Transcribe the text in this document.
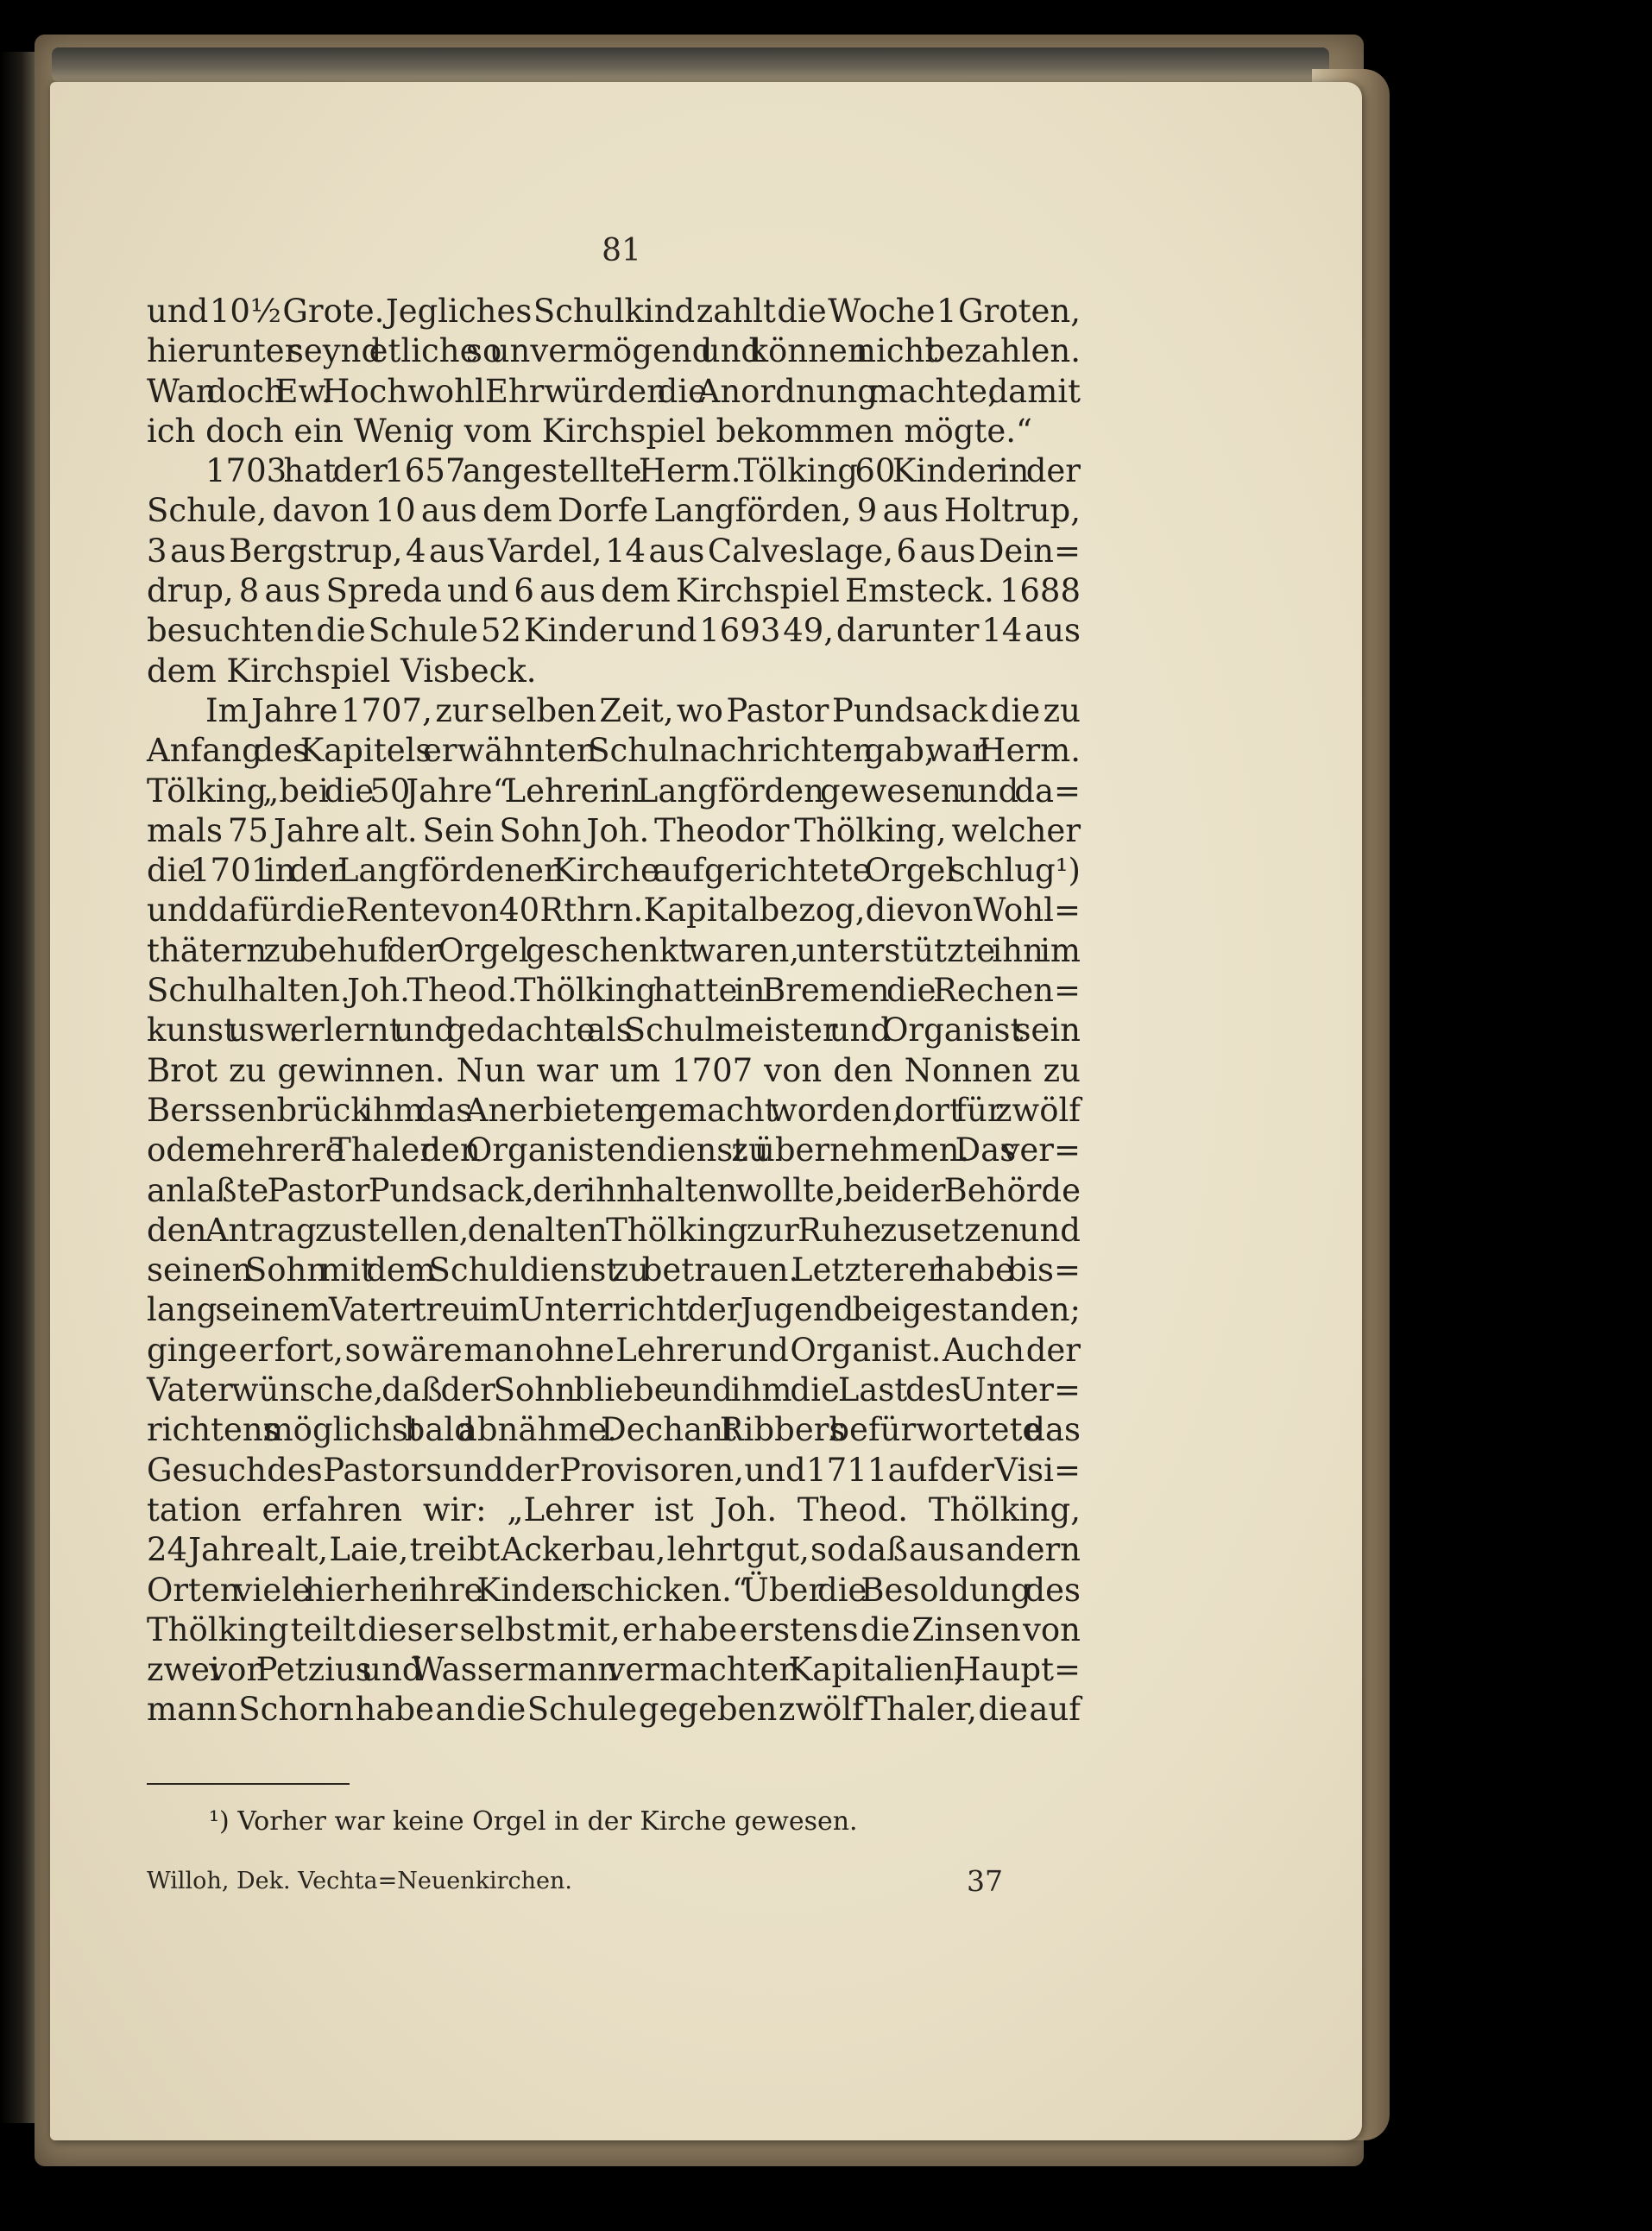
81
und 10½ Grote. Jegliches Schulkind zahlt die Woche 1 Groten,
hierunter seynd etliche so unvermögend und können nicht bezahlen.
Wan doch Ew. HochwohlEhrwürden die Anordnung machte, damit
ich doch ein Wenig vom Kirchspiel bekommen mögte.“
1703 hat der 1657 angestellte Herm. Tölking 60 Kinder in der
Schule, davon 10 aus dem Dorfe Langförden, 9 aus Holtrup,
3 aus Bergstrup, 4 aus Vardel, 14 aus Calveslage, 6 aus Dein=
drup, 8 aus Spreda und 6 aus dem Kirchspiel Emsteck. 1688
besuchten die Schule 52 Kinder und 1693 49, darunter 14 aus
dem Kirchspiel Visbeck.
Im Jahre 1707, zur selben Zeit, wo Pastor Pundsack die zu
Anfang des Kapitels erwähnten Schulnachrichten gab, war Herm.
Tölking „bei die 50 Jahre“ Lehrer in Langförden gewesen und da=
mals 75 Jahre alt. Sein Sohn Joh. Theodor Thölking, welcher
die 1701 in der Langfördener Kirche aufgerichtete Orgel schlug¹)
und dafür die Rente von 40 Rthrn. Kapital bezog, die von Wohl=
thätern zu behuf der Orgel geschenkt waren, unterstützte ihn im
Schulhalten. Joh. Theod. Thölking hatte in Bremen die Rechen=
kunst usw. erlernt und gedachte als Schulmeister und Organist sein
Brot zu gewinnen. Nun war um 1707 von den Nonnen zu
Berssenbrück ihm das Anerbieten gemacht worden, dort für zwölf
oder mehrere Thaler den Organistendienst zu übernehmen. Das ver=
anlaßte Pastor Pundsack, der ihn halten wollte, bei der Behörde
den Antrag zu stellen, den alten Thölking zur Ruhe zu setzen und
seinen Sohn mit dem Schuldienst zu betrauen. Letzterer habe bis=
lang seinem Vater treu im Unterricht der Jugend beigestanden;
ginge er fort, so wäre man ohne Lehrer und Organist. Auch der
Vater wünsche, daß der Sohn bliebe und ihm die Last des Unter=
richtens möglichst bald abnähme. Dechant Ribbers befürwortete das
Gesuch des Pastors und der Provisoren, und 1711 auf der Visi=
tation erfahren wir: „Lehrer ist Joh. Theod. Thölking,
24 Jahre alt, Laie, treibt Ackerbau, lehrt gut, so daß aus andern
Orten viele hierher ihre Kinder schicken.“ Über die Besoldung des
Thölking teilt dieser selbst mit, er habe erstens die Zinsen von
zwei von Petzius und Wassermann vermachten Kapitalien, Haupt=
mann Schorn habe an die Schule gegeben zwölf Thaler, die auf
¹) Vorher war keine Orgel in der Kirche gewesen.
Willoh, Dek. Vechta=Neuenkirchen.	37
